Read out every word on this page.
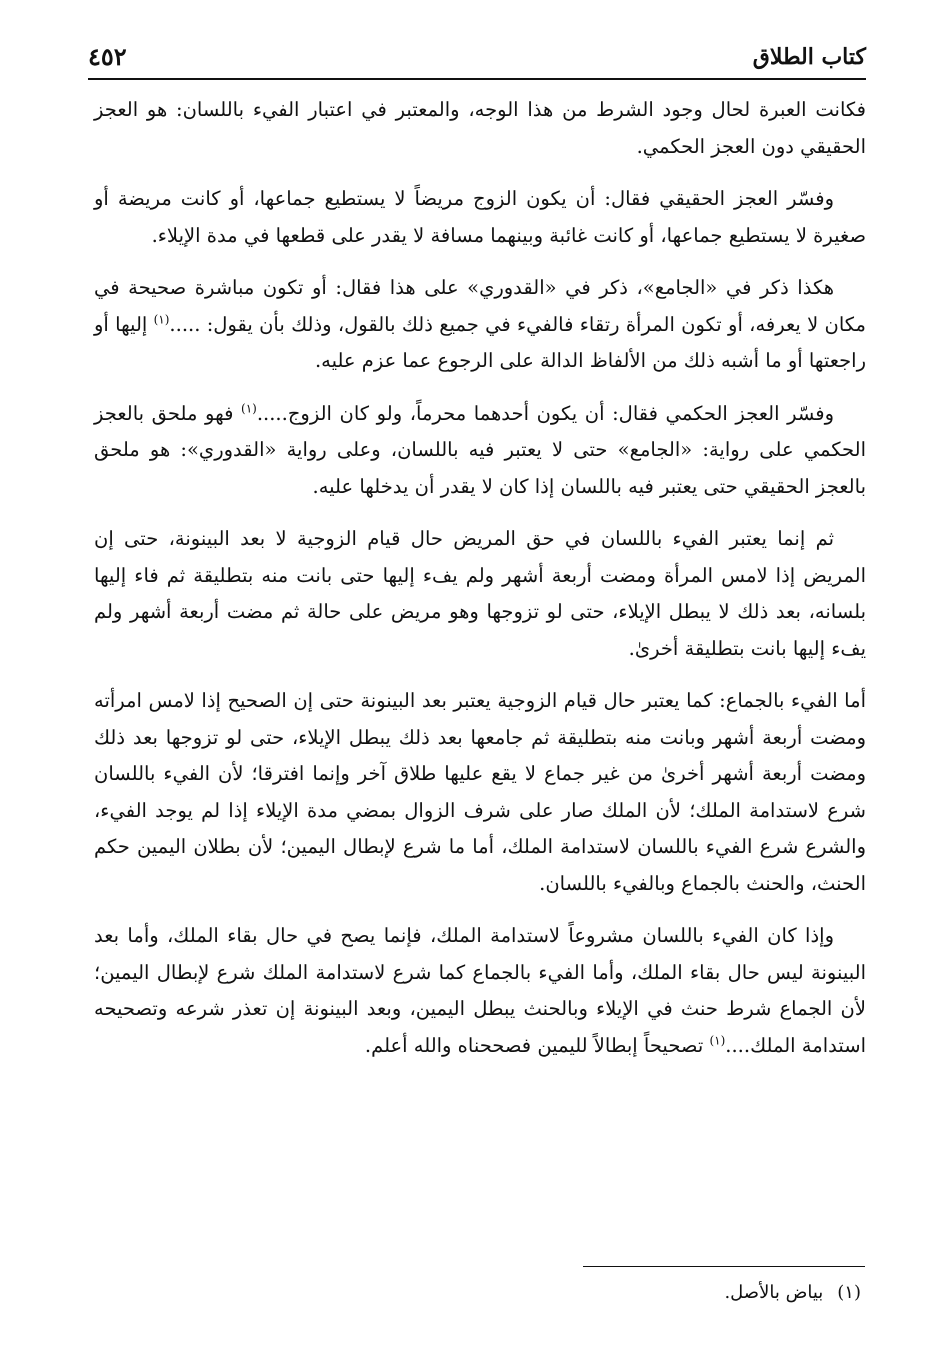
كتاب الطلاق
٤٥٢

فكانت العبرة لحال وجود الشرط من هذا الوجه، والمعتبر في اعتبار الفيء باللسان: هو العجز الحقيقي دون العجز الحكمي.

وفسّر العجز الحقيقي فقال: أن يكون الزوج مريضاً لا يستطيع جماعها، أو كانت مريضة أو صغيرة لا يستطيع جماعها، أو كانت غائبة وبينهما مسافة لا يقدر على قطعها في مدة الإيلاء.

هكذا ذكر في «الجامع»، ذكر في «القدوري» على هذا فقال: أو تكون مباشرة صحيحة في مكان لا يعرفه، أو تكون المرأة رتقاء فالفيء في جميع ذلك بالقول، وذلك بأن يقول: .....$^{(١)}$ إليها أو راجعتها أو ما أشبه ذلك من الألفاظ الدالة على الرجوع عما عزم عليه.

وفسّر العجز الحكمي فقال: أن يكون أحدهما محرماً، ولو كان الزوج.....$^{(١)}$ فهو ملحق بالعجز الحكمي على رواية: «الجامع» حتى لا يعتبر فيه باللسان، وعلى رواية «القدوري»: هو ملحق بالعجز الحقيقي حتى يعتبر فيه باللسان إذا كان لا يقدر أن يدخلها عليه.

ثم إنما يعتبر الفيء باللسان في حق المريض حال قيام الزوجية لا بعد البينونة، حتى إن المريض إذا لامس المرأة ومضت أربعة أشهر ولم يفء إليها حتى بانت منه بتطليقة ثم فاء إليها بلسانه، بعد ذلك لا يبطل الإيلاء، حتى لو تزوجها وهو مريض على حالة ثم مضت أربعة أشهر ولم يفء إليها بانت بتطليقة أخرىٰ.

أما الفيء بالجماع: كما يعتبر حال قيام الزوجية يعتبر بعد البينونة حتى إن الصحيح إذا لامس امرأته ومضت أربعة أشهر وبانت منه بتطليقة ثم جامعها بعد ذلك يبطل الإيلاء، حتى لو تزوجها بعد ذلك ومضت أربعة أشهر أخرىٰ من غير جماع لا يقع عليها طلاق آخر وإنما افترقا؛ لأن الفيء باللسان شرع لاستدامة الملك؛ لأن الملك صار على شرف الزوال بمضي مدة الإيلاء إذا لم يوجد الفيء، والشرع شرع الفيء باللسان لاستدامة الملك، أما ما شرع لإبطال اليمين؛ لأن بطلان اليمين حكم الحنث، والحنث بالجماع وبالفيء باللسان.

وإذا كان الفيء باللسان مشروعاً لاستدامة الملك، فإنما يصح في حال بقاء الملك، وأما بعد البينونة ليس حال بقاء الملك، وأما الفيء بالجماع كما شرع لاستدامة الملك شرع لإبطال اليمين؛ لأن الجماع شرط حنث في الإيلاء وبالحنث يبطل اليمين، وبعد البينونة إن تعذر شرعه وتصحيحه استدامة الملك....$^{(١)}$ تصحيحاً إبطالاً لليمين فصححناه والله أعلم.

(١)بياض بالأصل.
